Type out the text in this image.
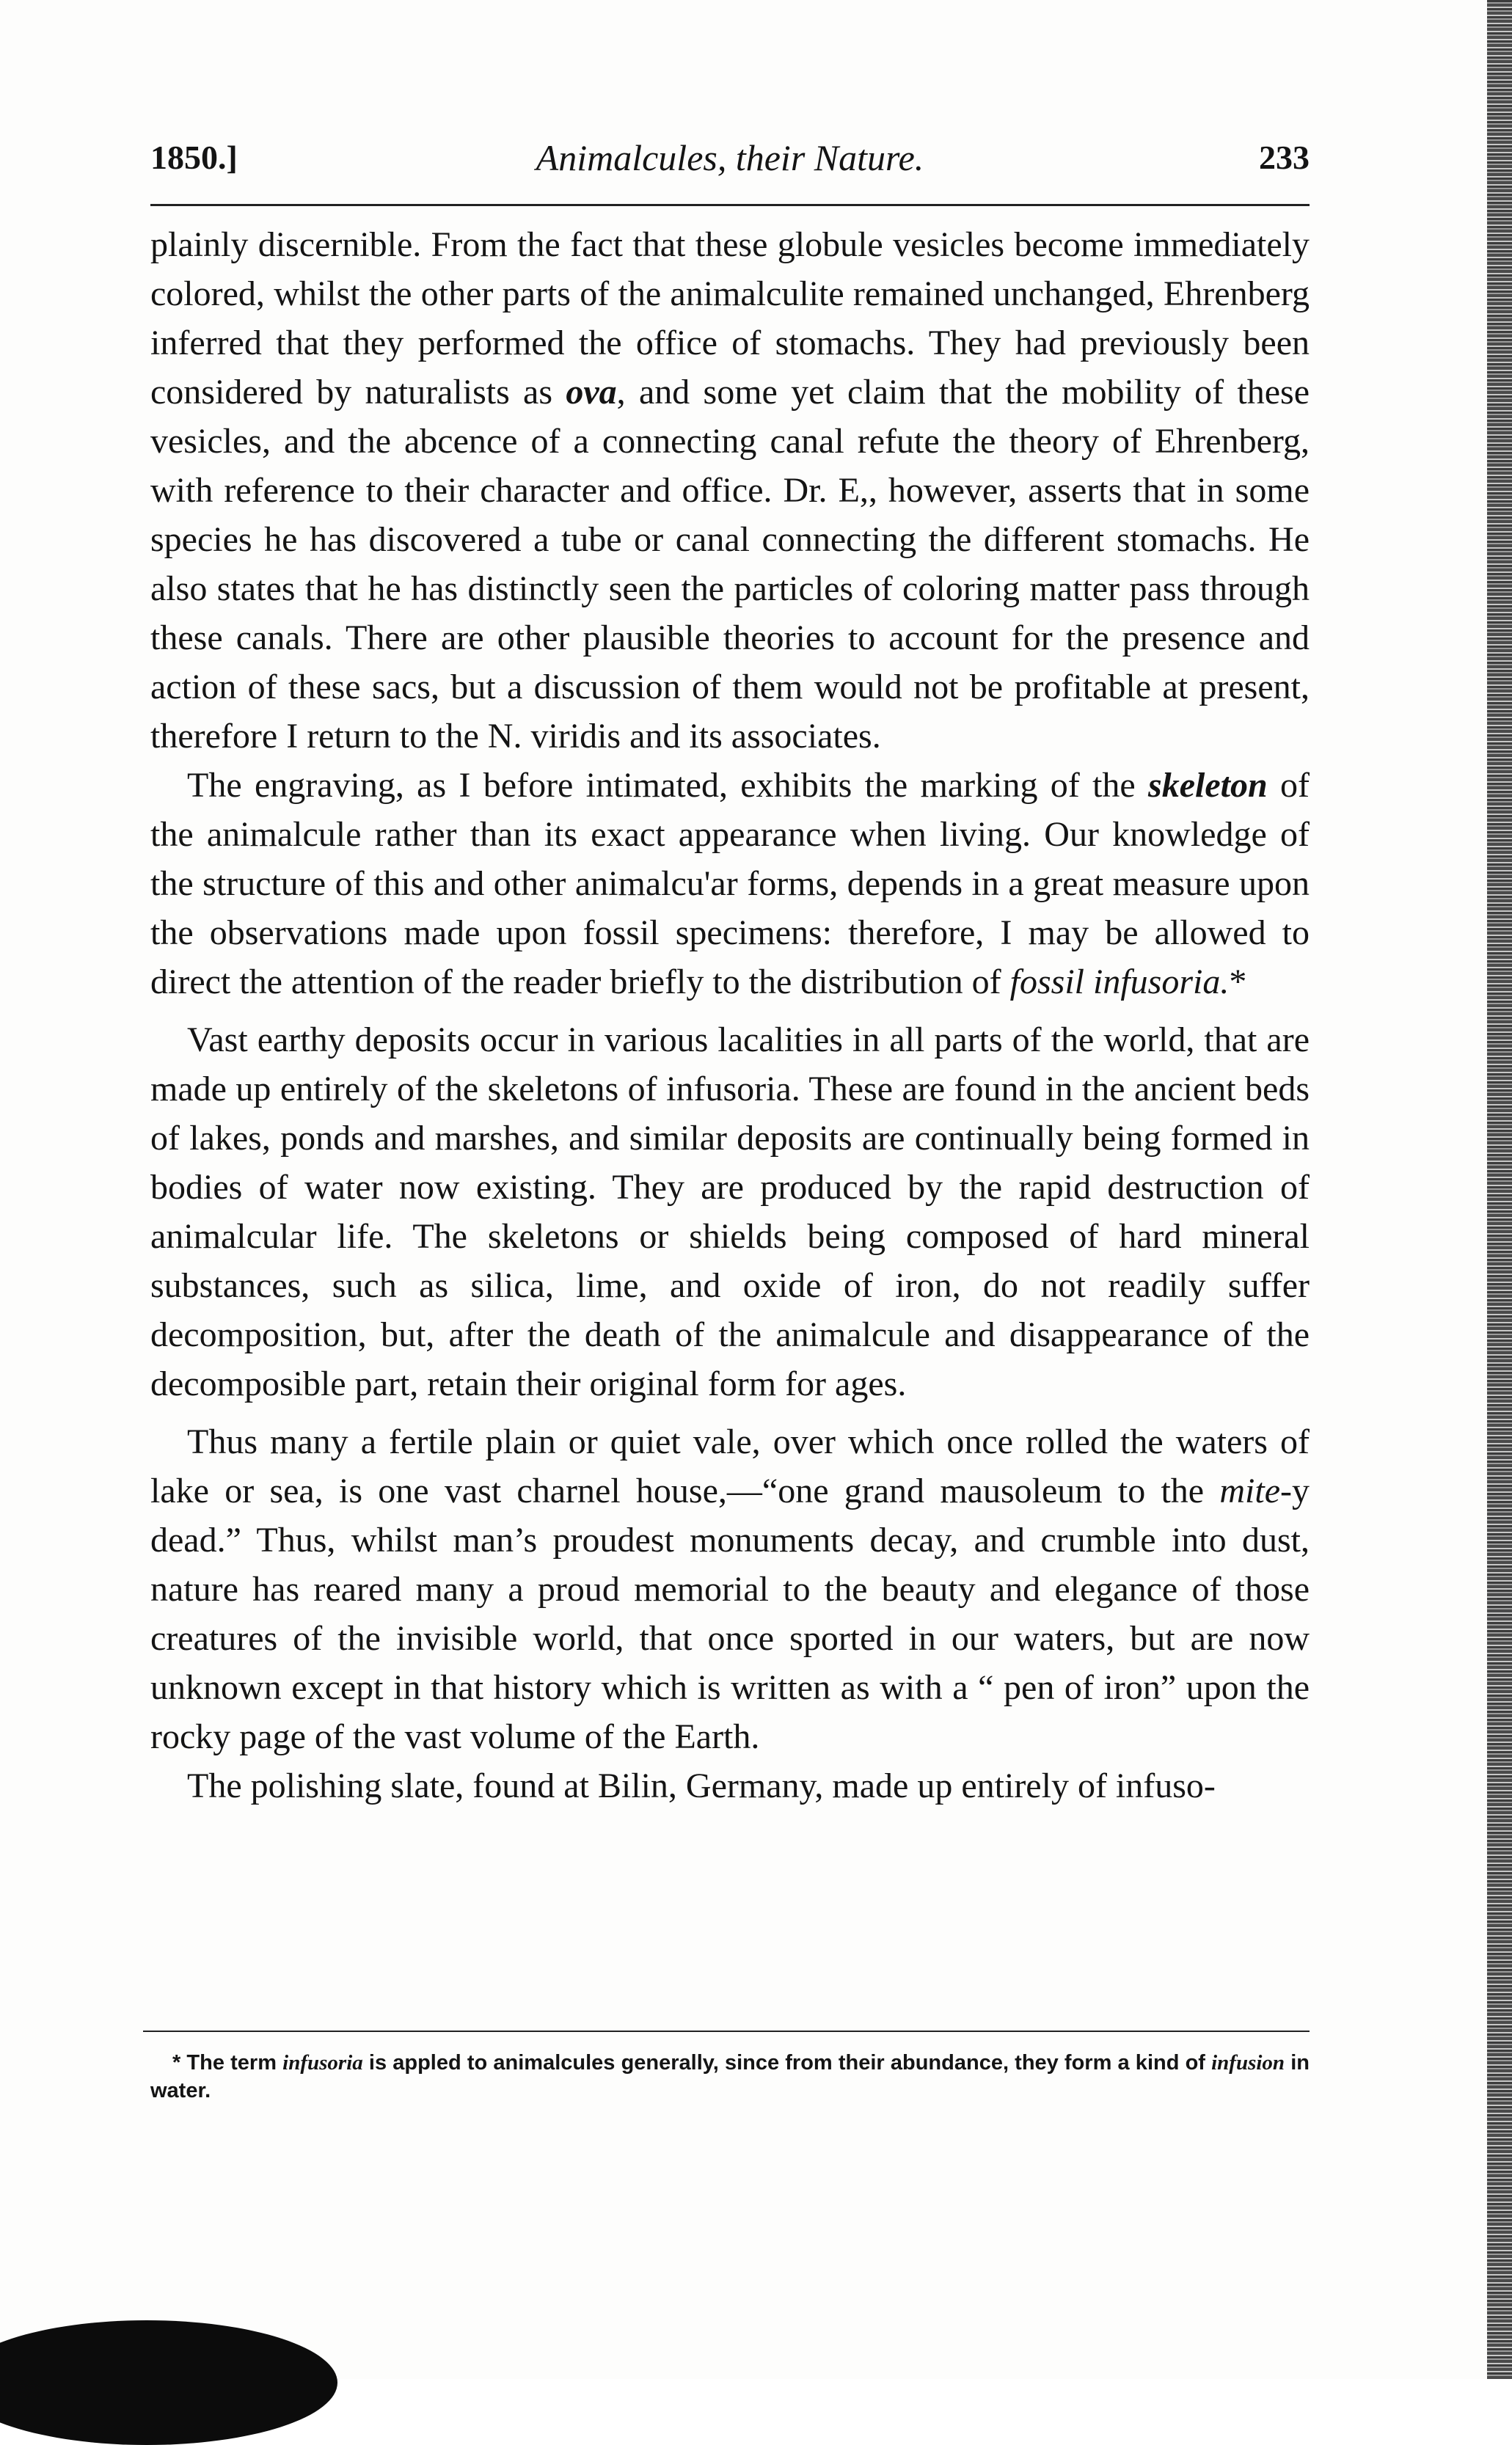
1850.]	Animalcules, their Nature.	233

plainly discernible. From the fact that these globule vesicles become immediately colored, whilst the other parts of the animalculite remained unchanged, Ehrenberg inferred that they performed the office of stomachs. They had previously been considered by naturalists as ova, and some yet claim that the mobility of these vesicles, and the abcence of a connecting canal refute the theory of Ehrenberg, with reference to their character and office. Dr. E,, however, asserts that in some species he has discovered a tube or canal connecting the different stomachs. He also states that he has distinctly seen the particles of coloring matter pass through these canals. There are other plausible theories to account for the presence and action of these sacs, but a discussion of them would not be profitable at present, therefore I return to the N. viridis and its associates.

The engraving, as I before intimated, exhibits the marking of the skeleton of the animalcule rather than its exact appearance when living. Our knowledge of the structure of this and other animalcu'ar forms, depends in a great measure upon the observations made upon fossil specimens: therefore, I may be allowed to direct the attention of the reader briefly to the distribution of fossil infusoria.*

Vast earthy deposits occur in various lacalities in all parts of the world, that are made up entirely of the skeletons of infusoria. These are found in the ancient beds of lakes, ponds and marshes, and similar deposits are continually being formed in bodies of water now existing. They are produced by the rapid destruction of animalcular life. The skeletons or shields being composed of hard mineral substances, such as silica, lime, and oxide of iron, do not readily suffer decomposition, but, after the death of the animalcule and disappearance of the decomposible part, retain their original form for ages.

Thus many a fertile plain or quiet vale, over which once rolled the waters of lake or sea, is one vast charnel house,—“one grand mausoleum to the mite-y dead.” Thus, whilst man’s proudest monuments decay, and crumble into dust, nature has reared many a proud memorial to the beauty and elegance of those creatures of the invisible world, that once sported in our waters, but are now unknown except in that history which is written as with a “ pen of iron” upon the rocky page of the vast volume of the Earth.

The polishing slate, found at Bilin, Germany, made up entirely of infuso-

* The term infusoria is appled to animalcules generally, since from their abundance, they form a kind of infusion in water.
